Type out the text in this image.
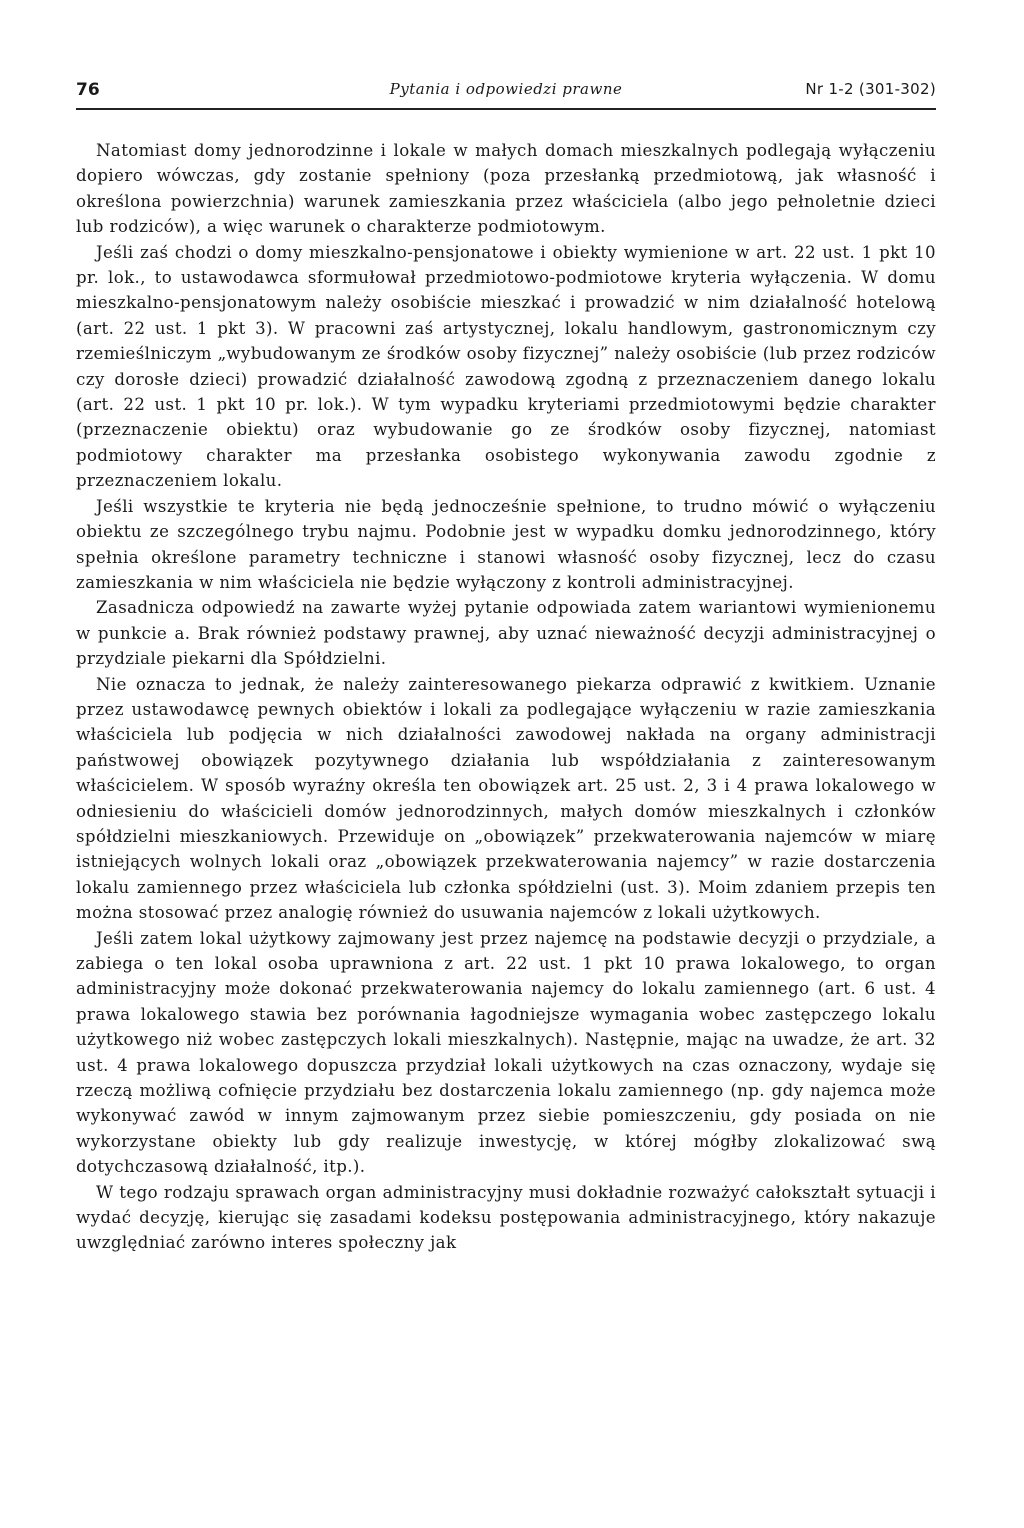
76	Pytania i odpowiedzi prawne	Nr 1-2 (301-302)

Natomiast domy jednorodzinne i lokale w małych domach mieszkalnych podlegają wyłączeniu dopiero wówczas, gdy zostanie spełniony (poza przesłanką przedmiotową, jak własność i określona powierzchnia) warunek zamieszkania przez właściciela (albo jego pełnoletnie dzieci lub rodziców), a więc warunek o charakterze podmiotowym.

Jeśli zaś chodzi o domy mieszkalno-pensjonatowe i obiekty wymienione w art. 22 ust. 1 pkt 10 pr. lok., to ustawodawca sformułował przedmiotowo-podmiotowe kryteria wyłączenia. W domu mieszkalno-pensjonatowym należy osobiście mieszkać i prowadzić w nim działalność hotelową (art. 22 ust. 1 pkt 3). W pracowni zaś artystycznej, lokalu handlowym, gastronomicznym czy rzemieślniczym „wybudowanym ze środków osoby fizycznej” należy osobiście (lub przez rodziców czy dorosłe dzieci) prowadzić działalność zawodową zgodną z przeznaczeniem danego lokalu (art. 22 ust. 1 pkt 10 pr. lok.). W tym wypadku kryteriami przedmiotowymi będzie charakter (przeznaczenie obiektu) oraz wybudowanie go ze środków osoby fizycznej, natomiast podmiotowy charakter ma przesłanka osobistego wykonywania zawodu zgodnie z przeznaczeniem lokalu.

Jeśli wszystkie te kryteria nie będą jednocześnie spełnione, to trudno mówić o wyłączeniu obiektu ze szczególnego trybu najmu. Podobnie jest w wypadku domku jednorodzinnego, który spełnia określone parametry techniczne i stanowi własność osoby fizycznej, lecz do czasu zamieszkania w nim właściciela nie będzie wyłączony z kontroli administracyjnej.

Zasadnicza odpowiedź na zawarte wyżej pytanie odpowiada zatem wariantowi wymienionemu w punkcie a. Brak również podstawy prawnej, aby uznać nieważność decyzji administracyjnej o przydziale piekarni dla Spółdzielni.

Nie oznacza to jednak, że należy zainteresowanego piekarza odprawić z kwitkiem. Uznanie przez ustawodawcę pewnych obiektów i lokali za podlegające wyłączeniu w razie zamieszkania właściciela lub podjęcia w nich działalności zawodowej nakłada na organy administracji państwowej obowiązek pozytywnego działania lub współdziałania z zainteresowanym właścicielem. W sposób wyraźny określa ten obowiązek art. 25 ust. 2, 3 i 4 prawa lokalowego w odniesieniu do właścicieli domów jednorodzinnych, małych domów mieszkalnych i członków spółdzielni mieszkaniowych. Przewiduje on „obowiązek” przekwaterowania najemców w miarę istniejących wolnych lokali oraz „obowiązek przekwaterowania najemcy” w razie dostarczenia lokalu zamiennego przez właściciela lub członka spółdzielni (ust. 3). Moim zdaniem przepis ten można stosować przez analogię również do usuwania najemców z lokali użytkowych.

Jeśli zatem lokal użytkowy zajmowany jest przez najemcę na podstawie decyzji o przydziale, a zabiega o ten lokal osoba uprawniona z art. 22 ust. 1 pkt 10 prawa lokalowego, to organ administracyjny może dokonać przekwaterowania najemcy do lokalu zamiennego (art. 6 ust. 4 prawa lokalowego stawia bez porównania łagodniejsze wymagania wobec zastępczego lokalu użytkowego niż wobec zastępczych lokali mieszkalnych). Następnie, mając na uwadze, że art. 32 ust. 4 prawa lokalowego dopuszcza przydział lokali użytkowych na czas oznaczony, wydaje się rzeczą możliwą cofnięcie przydziału bez dostarczenia lokalu zamiennego (np. gdy najemca może wykonywać zawód w innym zajmowanym przez siebie pomieszczeniu, gdy posiada on nie wykorzystane obiekty lub gdy realizuje inwestycję, w której mógłby zlokalizować swą dotychczasową działalność, itp.).

W tego rodzaju sprawach organ administracyjny musi dokładnie rozważyć całokształt sytuacji i wydać decyzję, kierując się zasadami kodeksu postępowania administracyjnego, który nakazuje uwzględniać zarówno interes społeczny jak
